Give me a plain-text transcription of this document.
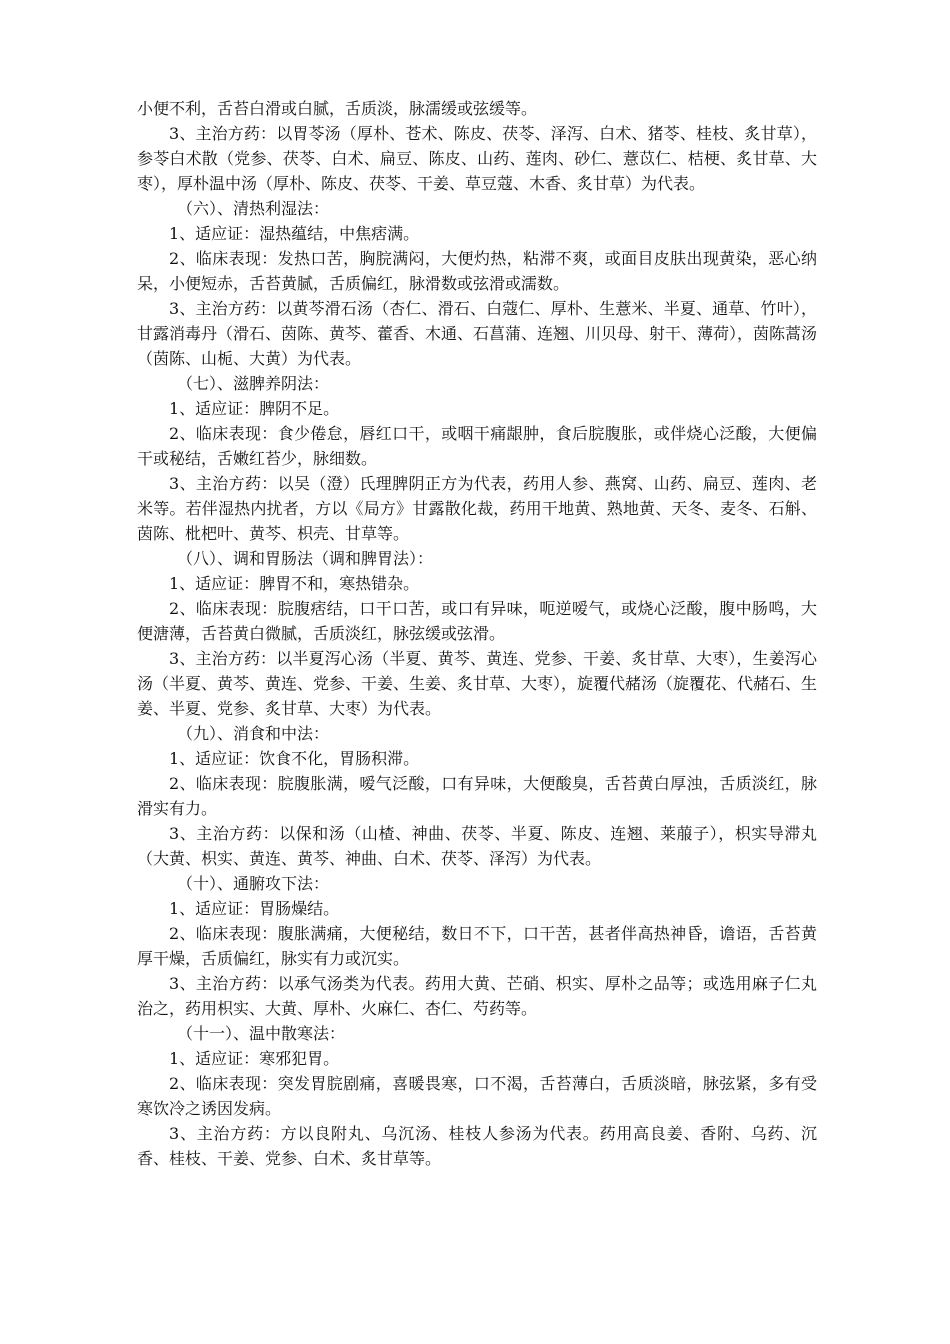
小便不利，舌苔白滑或白腻，舌质淡，脉濡缓或弦缓等。

3、主治方药：以胃苓汤（厚朴、苍术、陈皮、茯苓、泽泻、白术、猪苓、桂枝、炙甘草），参苓白术散（党参、茯苓、白术、扁豆、陈皮、山药、莲肉、砂仁、薏苡仁、桔梗、炙甘草、大枣），厚朴温中汤（厚朴、陈皮、茯苓、干姜、草豆蔻、木香、炙甘草）为代表。

（六）、清热利湿法：

1、适应证：湿热蕴结，中焦痞满。

2、临床表现：发热口苦，胸脘满闷，大便灼热，粘滞不爽，或面目皮肤出现黄染，恶心纳呆，小便短赤，舌苔黄腻，舌质偏红，脉滑数或弦滑或濡数。

3、主治方药：以黄芩滑石汤（杏仁、滑石、白蔻仁、厚朴、生薏米、半夏、通草、竹叶），甘露消毒丹（滑石、茵陈、黄芩、藿香、木通、石菖蒲、连翘、川贝母、射干、薄荷），茵陈蒿汤（茵陈、山栀、大黄）为代表。

（七）、滋脾养阴法：

1、适应证：脾阴不足。

2、临床表现：食少倦怠，唇红口干，或咽干痛龈肿，食后脘腹胀，或伴烧心泛酸，大便偏干或秘结，舌嫩红苔少，脉细数。

3、主治方药：以吴（澄）氏理脾阴正方为代表，药用人参、燕窝、山药、扁豆、莲肉、老米等。若伴湿热内扰者，方以《局方》甘露散化裁，药用干地黄、熟地黄、天冬、麦冬、石斛、茵陈、枇杷叶、黄芩、枳壳、甘草等。

（八）、调和胃肠法（调和脾胃法）：

1、适应证：脾胃不和，寒热错杂。

2、临床表现：脘腹痞结，口干口苦，或口有异味，呃逆嗳气，或烧心泛酸，腹中肠鸣，大便溏薄，舌苔黄白微腻，舌质淡红，脉弦缓或弦滑。

3、主治方药：以半夏泻心汤（半夏、黄芩、黄连、党参、干姜、炙甘草、大枣），生姜泻心汤（半夏、黄芩、黄连、党参、干姜、生姜、炙甘草、大枣），旋覆代赭汤（旋覆花、代赭石、生姜、半夏、党参、炙甘草、大枣）为代表。

（九）、消食和中法：

1、适应证：饮食不化，胃肠积滞。

2、临床表现：脘腹胀满，嗳气泛酸，口有异味，大便酸臭，舌苔黄白厚浊，舌质淡红，脉滑实有力。

3、主治方药：以保和汤（山楂、神曲、茯苓、半夏、陈皮、连翘、莱菔子），枳实导滞丸（大黄、枳实、黄连、黄芩、神曲、白术、茯苓、泽泻）为代表。

（十）、通腑攻下法：

1、适应证：胃肠燥结。

2、临床表现：腹胀满痛，大便秘结，数日不下，口干苦，甚者伴高热神昏，谵语，舌苔黄厚干燥，舌质偏红，脉实有力或沉实。

3、主治方药：以承气汤类为代表。药用大黄、芒硝、枳实、厚朴之品等；或选用麻子仁丸治之，药用枳实、大黄、厚朴、火麻仁、杏仁、芍药等。

（十一）、温中散寒法：

1、适应证：寒邪犯胃。

2、临床表现：突发胃脘剧痛，喜暖畏寒，口不渴，舌苔薄白，舌质淡暗，脉弦紧，多有受寒饮冷之诱因发病。

3、主治方药：方以良附丸、乌沉汤、桂枝人参汤为代表。药用高良姜、香附、乌药、沉香、桂枝、干姜、党参、白术、炙甘草等。
